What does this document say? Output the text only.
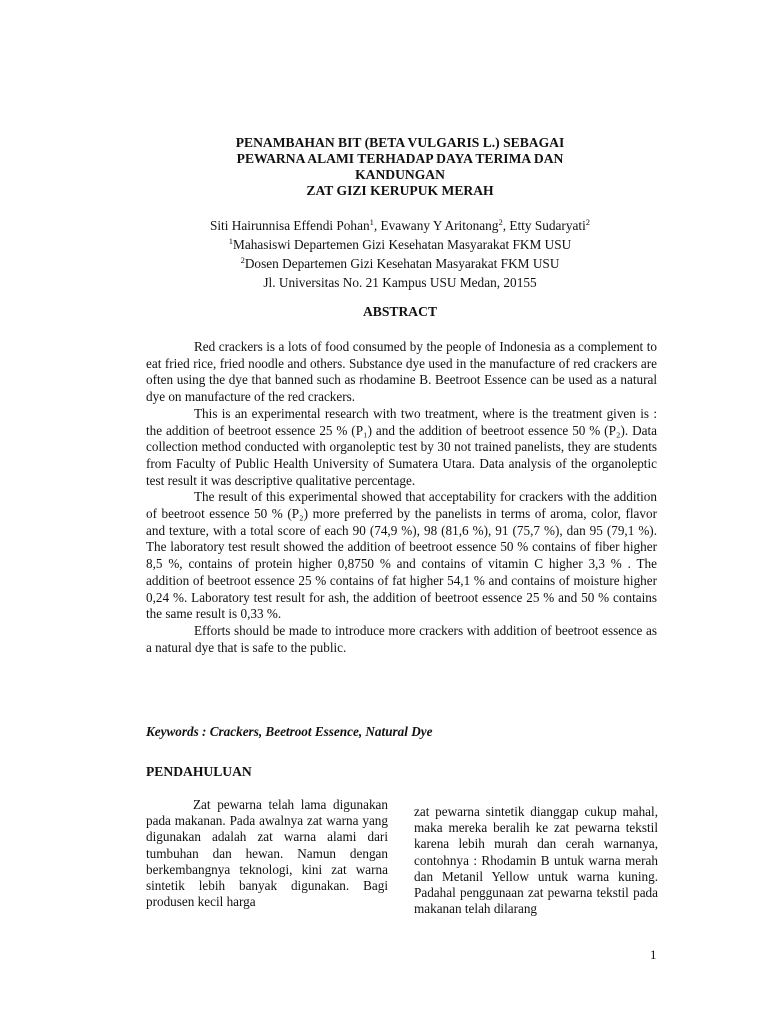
PENAMBAHAN BIT (BETA VULGARIS L.) SEBAGAI
PEWARNA ALAMI TERHADAP DAYA TERIMA DAN
KANDUNGAN
ZAT GIZI KERUPUK MERAH
Siti Hairunnisa Effendi Pohan$^1$, Evawany Y Aritonang$^2$, Etty Sudaryati$^2$
$^1$Mahasiswi Departemen Gizi Kesehatan Masyarakat FKM USU
$^2$Dosen Departemen Gizi Kesehatan Masyarakat FKM USU
Jl. Universitas No. 21 Kampus USU Medan, 20155
ABSTRACT

Red crackers is a lots of food consumed by the people of Indonesia as a complement to eat fried rice, fried noodle and others. Substance dye used in the manufacture of red crackers are often using the dye that banned such as rhodamine B. Beetroot Essence can be used as a natural dye on manufacture of the red crackers.

This is an experimental research with two treatment, where is the treatment given is : the addition of beetroot essence 25 % (P₁) and the addition of beetroot essence 50 % (P₂). Data collection method conducted with organoleptic test by 30 not trained panelists, they are students from Faculty of Public Health University of Sumatera Utara. Data analysis of the organoleptic test result it was descriptive qualitative percentage.

The result of this experimental showed that acceptability for crackers with the addition of beetroot essence 50 % (P₂) more preferred by the panelists in terms of aroma, color, flavor and texture, with a total score of each 90 (74,9 %), 98 (81,6 %), 91 (75,7 %), dan 95 (79,1 %). The laboratory test result showed the addition of beetroot essence 50 % contains of fiber higher 8,5 %, contains of protein higher 0,8750 % and contains of vitamin C higher 3,3 % . The addition of beetroot essence 25 % contains of fat higher 54,1 % and contains of moisture higher 0,24 %. Laboratory test result for ash, the addition of beetroot essence 25 % and 50 % contains the same result is 0,33 %.

Efforts should be made to introduce more crackers with addition of beetroot essence as a natural dye that is safe to the public.

Keywords : Crackers, Beetroot Essence, Natural Dye
PENDAHULUAN

Zat pewarna telah lama digunakan pada makanan. Pada awalnya zat warna yang digunakan adalah zat warna alami dari tumbuhan dan hewan. Namun dengan berkembangnya teknologi, kini zat warna sintetik lebih banyak digunakan. Bagi produsen kecil harga

zat pewarna sintetik dianggap cukup mahal, maka mereka beralih ke zat pewarna tekstil karena lebih murah dan cerah warnanya, contohnya : Rhodamin B untuk warna merah dan Metanil Yellow untuk warna kuning. Padahal penggunaan zat pewarna tekstil pada makanan telah dilarang

1
